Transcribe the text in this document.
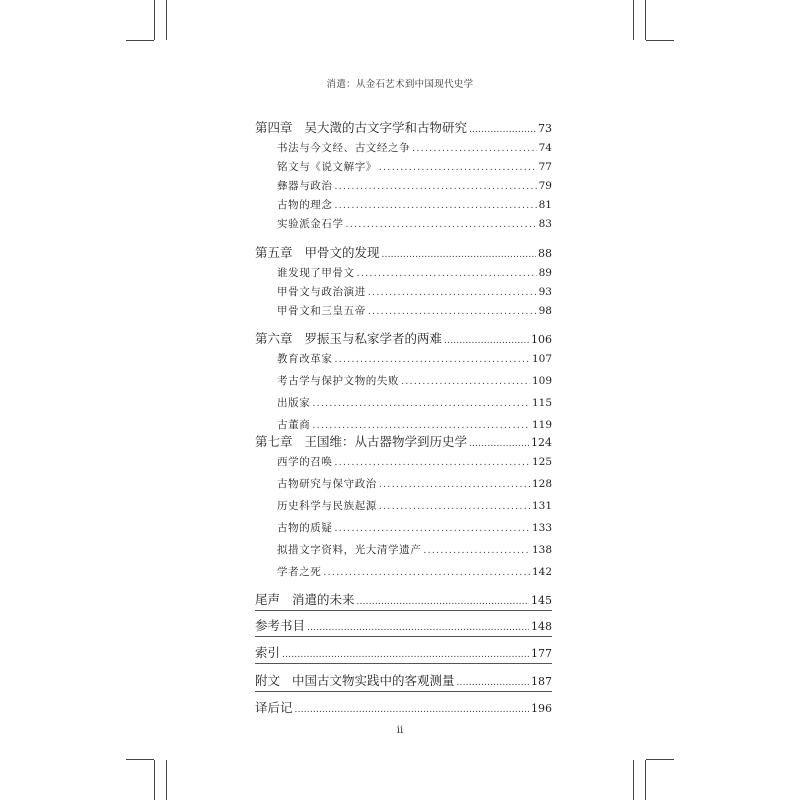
消遣：从金石艺术到中国现代史学
第四章 吴大澂的古文字学和古物研究 .....	73
书法与今文经、古文经之争 .....	74
铭文与《说文解字》 .....	77
彝器与政治 .....	79
古物的理念 .....	81
实验派金石学 .....	83
第五章 甲骨文的发现 .....	88
谁发现了甲骨文 .....	89
甲骨文与政治演进 .....	93
甲骨文和三皇五帝 .....	98
第六章 罗振玉与私家学者的两难 .....	106
教育改革家 .....	107
考古学与保护文物的失败 .....	109
出版家 .....	115
古董商 .....	119
第七章 王国维：从古器物学到历史学 .....	124
西学的召唤 .....	125
古物研究与保守政治 .....	128
历史科学与民族起源 .....	131
古物的质疑 .....	133
拟措文字资料，光大清学遗产 .....	138
学者之死 .....	142
尾声 消遣的未来 .....	145
参考书目 .....	148
索引 .....	177
附文 中国古文物实践中的客观测量 .....	187
译后记 .....	196
ii
